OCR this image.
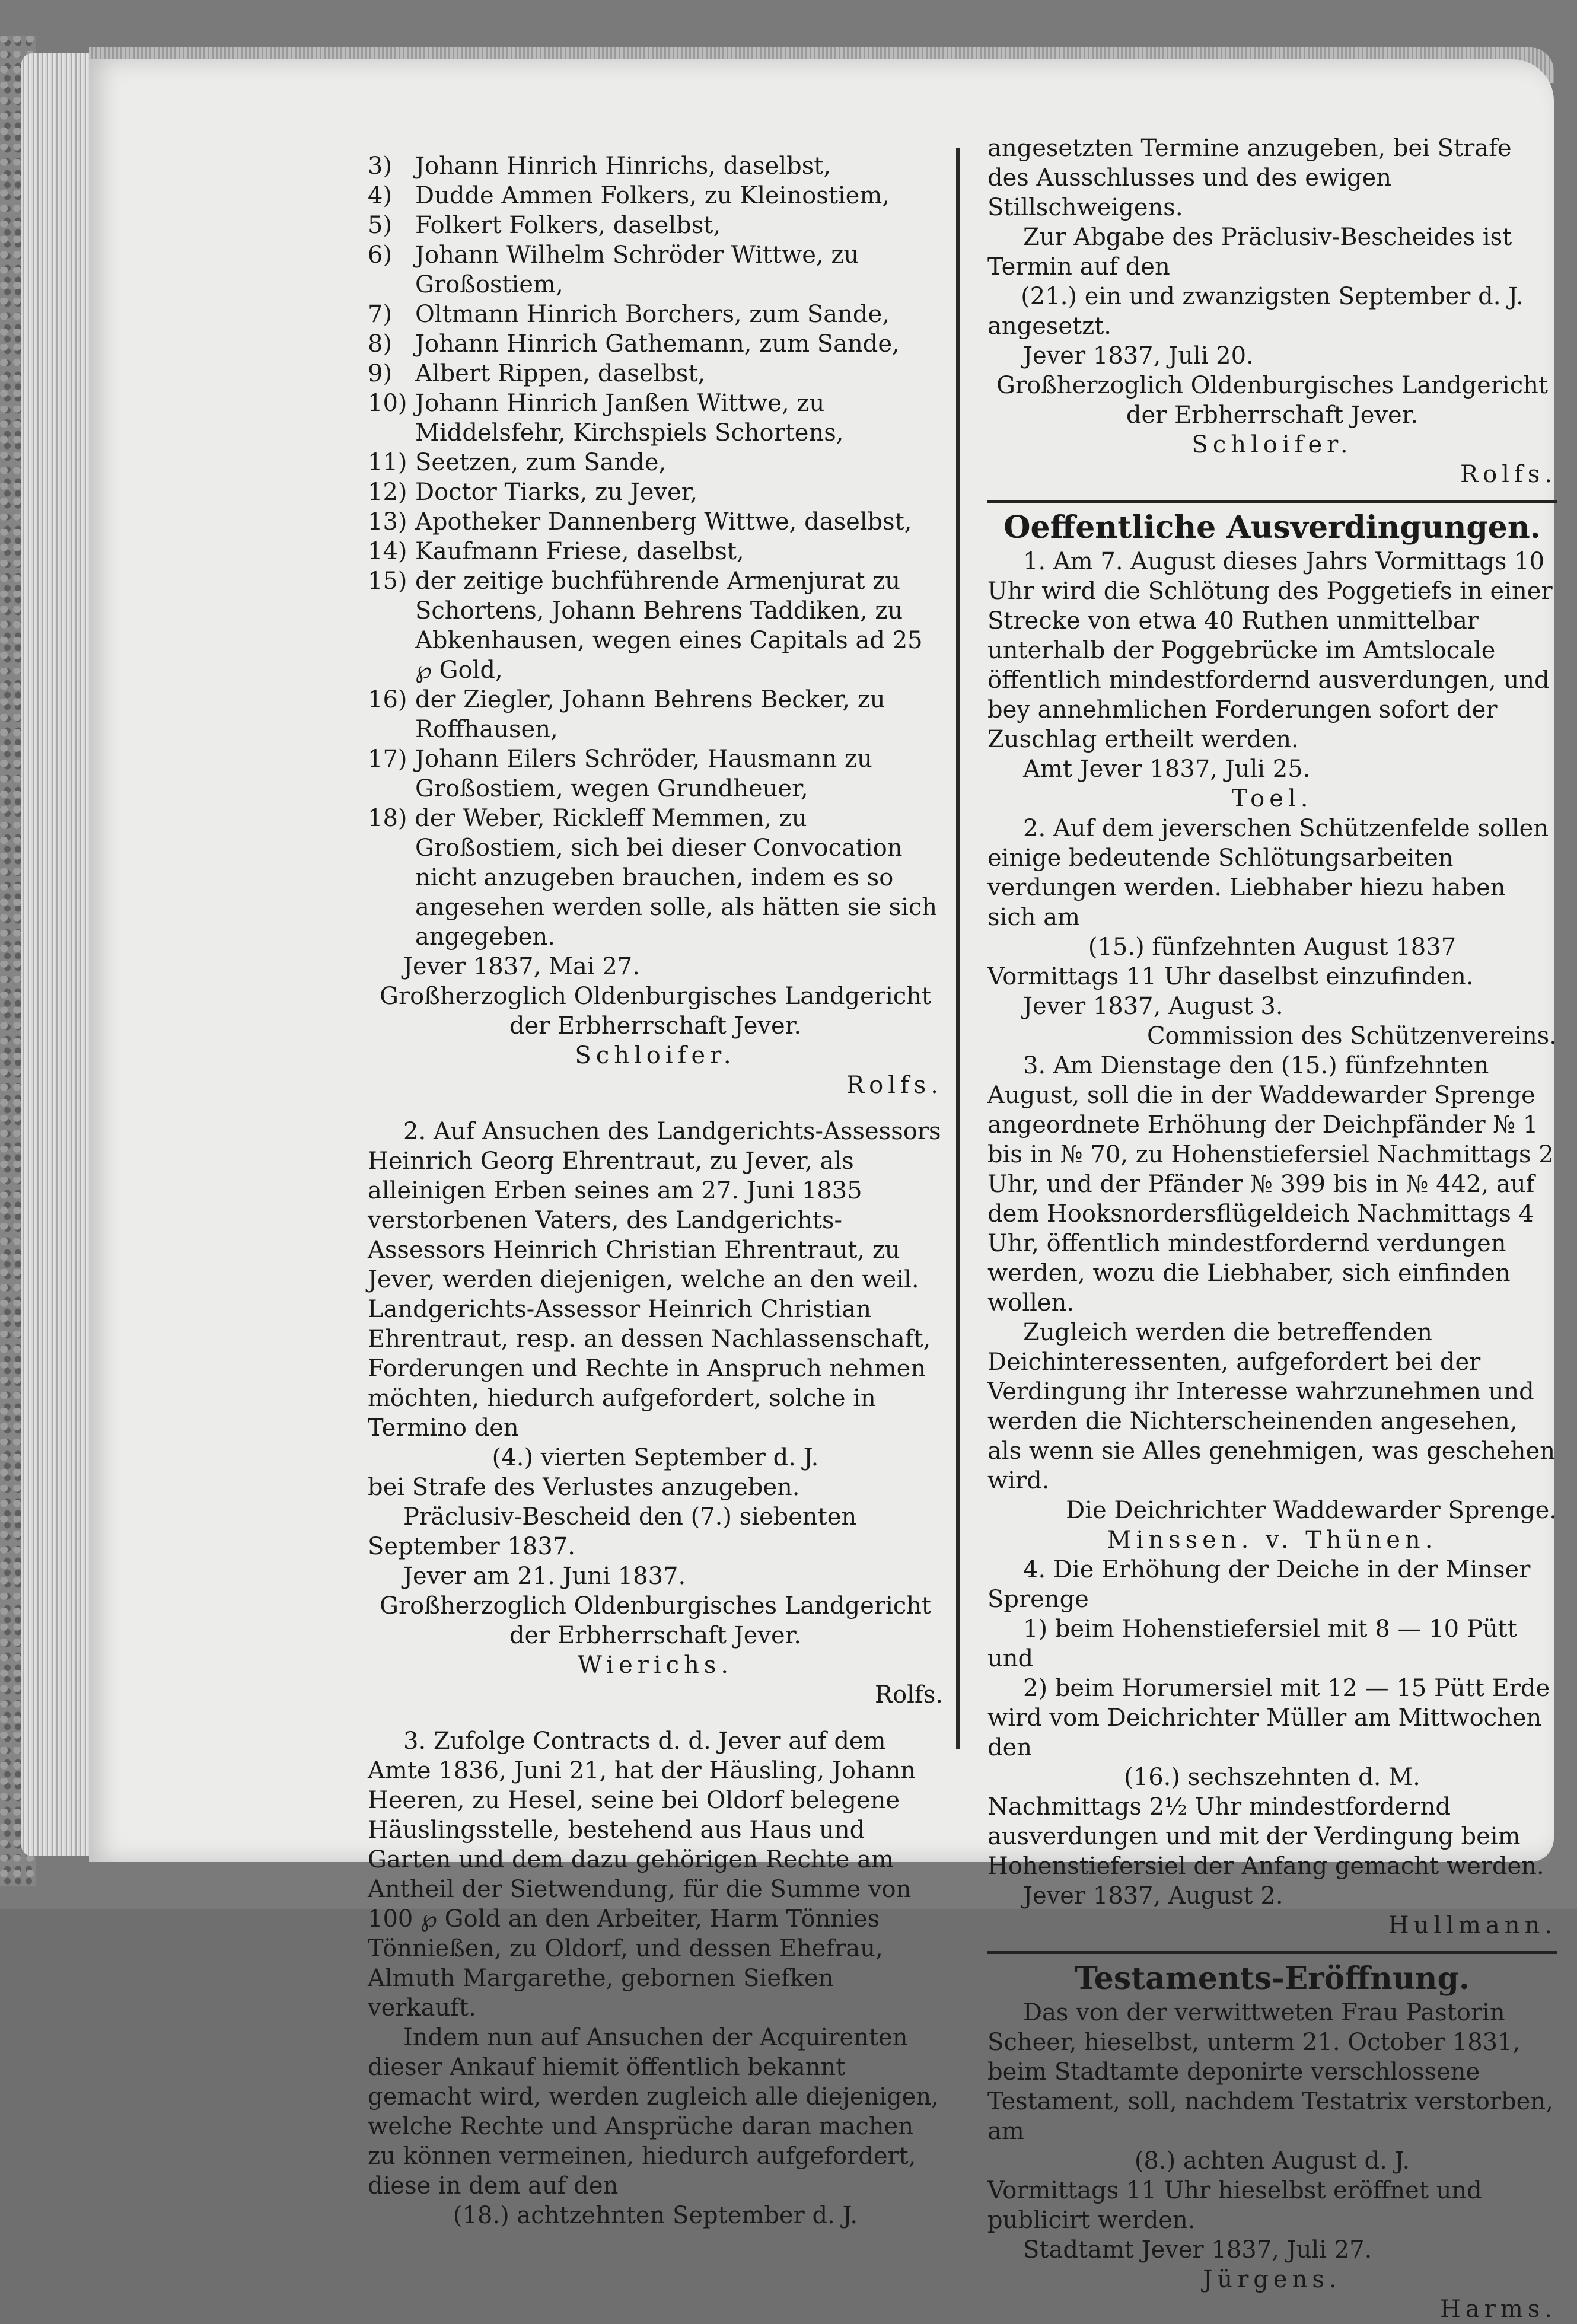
3) Johann Hinrich Hinrichs, daselbst,
4) Dudde Ammen Folkers, zu Kleinostiem,
5) Folkert Folkers, daselbst,
6) Johann Wilhelm Schröder Wittwe, zu Großostiem,
7) Oltmann Hinrich Borchers, zum Sande,
8) Johann Hinrich Gathemann, zum Sande,
9) Albert Rippen, daselbst,
10) Johann Hinrich Janßen Wittwe, zu Middelsfehr, Kirchspiels Schortens,
11) Seetzen, zum Sande,
12) Doctor Tiarks, zu Jever,
13) Apotheker Dannenberg Wittwe, daselbst,
14) Kaufmann Friese, daselbst,
15) der zeitige buchführende Armenjurat zu Schortens, Johann Behrens Taddiken, zu Abkenhausen, wegen eines Capitals ad 25 ℘ Gold,
16) der Ziegler, Johann Behrens Becker, zu Roffhausen,
17) Johann Eilers Schröder, Hausmann zu Großostiem, wegen Grundheuer,

18) der Weber, Rickleff Memmen, zu Großostiem, sich bei dieser Convocation nicht anzugeben brauchen, indem es so angesehen werden solle, als hätten sie sich angegeben.

Jever 1837, Mai 27.

Großherzoglich Oldenburgisches Landgericht

der Erbherrschaft Jever.

Schloifer.

Rolfs.

2. Auf Ansuchen des Landgerichts-Assessors Heinrich Georg Ehrentraut, zu Jever, als alleinigen Erben seines am 27. Juni 1835 verstorbenen Vaters, des Landgerichts-Assessors Heinrich Christian Ehrentraut, zu Jever, werden diejenigen, welche an den weil. Landgerichts-Assessor Heinrich Christian Ehrentraut, resp. an dessen Nachlassenschaft, Forderungen und Rechte in Anspruch nehmen möchten, hiedurch aufgefordert, solche in Termino den

(4.) vierten September d. J.

bei Strafe des Verlustes anzugeben.

Präclusiv-Bescheid den (7.) siebenten September 1837.

Jever am 21. Juni 1837.

Großherzoglich Oldenburgisches Landgericht

der Erbherrschaft Jever.

Wierichs.

Rolfs.

3. Zufolge Contracts d. d. Jever auf dem Amte 1836, Juni 21, hat der Häusling, Johann Heeren, zu Hesel, seine bei Oldorf belegene Häuslingsstelle, bestehend aus Haus und Garten und dem dazu gehörigen Rechte am Antheil der Sietwendung, für die Summe von 100 ℘ Gold an den Arbeiter, Harm Tönnies Tönnießen, zu Oldorf, und dessen Ehefrau, Almuth Margarethe, gebornen Siefken verkauft.

Indem nun auf Ansuchen der Acquirenten dieser Ankauf hiemit öffentlich bekannt gemacht wird, werden zugleich alle diejenigen, welche Rechte und Ansprüche daran machen zu können vermeinen, hiedurch aufgefordert, diese in dem auf den

(18.) achtzehnten September d. J.

angesetzten Termine anzugeben, bei Strafe des Ausschlusses und des ewigen Stillschweigens.

Zur Abgabe des Präclusiv-Bescheides ist Termin auf den

(21.) ein und zwanzigsten September d. J.

angesetzt.

Jever 1837, Juli 20.

Großherzoglich Oldenburgisches Landgericht

der Erbherrschaft Jever.

Schloifer.

Rolfs.

Oeffentliche Ausverdingungen.

1. Am 7. August dieses Jahrs Vormittags 10 Uhr wird die Schlötung des Poggetiefs in einer Strecke von etwa 40 Ruthen unmittelbar unterhalb der Poggebrücke im Amtslocale öffentlich mindestfordernd ausverdungen, und bey annehmlichen Forderungen sofort der Zuschlag ertheilt werden.

Amt Jever 1837, Juli 25.

Toel.

2. Auf dem jeverschen Schützenfelde sollen einige bedeutende Schlötungsarbeiten verdungen werden. Liebhaber hiezu haben sich am

(15.) fünfzehnten August 1837

Vormittags 11 Uhr daselbst einzufinden.

Jever 1837, August 3.

Commission des Schützenvereins.

3. Am Dienstage den (15.) fünfzehnten August, soll die in der Waddewarder Sprenge angeordnete Erhöhung der Deichpfänder № 1 bis in № 70, zu Hohenstiefersiel Nachmittags 2 Uhr, und der Pfänder № 399 bis in № 442, auf dem Hooksnordersflügeldeich Nachmittags 4 Uhr, öffentlich mindestfordernd verdungen werden, wozu die Liebhaber, sich einfinden wollen.

Zugleich werden die betreffenden Deichinteressenten, aufgefordert bei der Verdingung ihr Interesse wahrzunehmen und werden die Nichterscheinenden angesehen, als wenn sie Alles genehmigen, was geschehen wird.

Die Deichrichter Waddewarder Sprenge.

Minssen. v. Thünen.

4. Die Erhöhung der Deiche in der Minser Sprenge

1) beim Hohenstiefersiel mit 8 — 10 Pütt und

2) beim Horumersiel mit 12 — 15 Pütt Erde

wird vom Deichrichter Müller am Mittwochen den

(16.) sechszehnten d. M.

Nachmittags 2½ Uhr mindestfordernd ausverdungen und mit der Verdingung beim Hohenstiefersiel der Anfang gemacht werden.

Jever 1837, August 2.

Hullmann.

Testaments-Eröffnung.

Das von der verwittweten Frau Pastorin Scheer, hieselbst, unterm 21. October 1831, beim Stadtamte deponirte verschlossene Testament, soll, nachdem Testatrix verstorben, am

(8.) achten August d. J.

Vormittags 11 Uhr hieselbst eröffnet und publicirt werden.

Stadtamt Jever 1837, Juli 27.

Jürgens.

Harms.
